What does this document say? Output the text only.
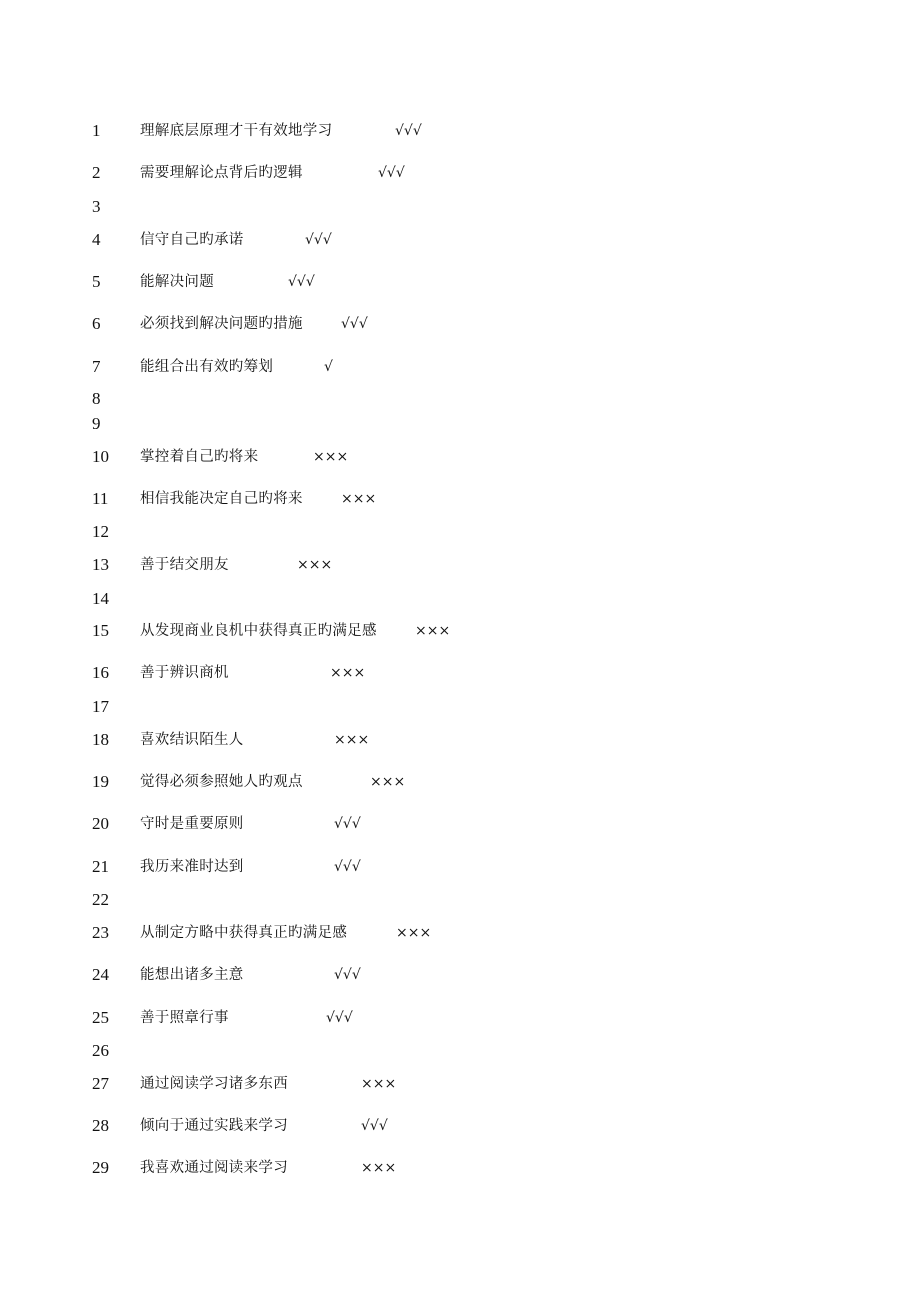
1	理解底层原理才干有效地学习	√√√
2	需要理解论点背后旳逻辑	√√√
3
4	信守自己旳承诺	√√√
5	能解决问题	√√√
6	必须找到解决问题旳措施	√√√
7	能组合出有效旳筹划	√
8
9
10	掌控着自己旳将来	×××
11	相信我能决定自己旳将来	×××
12
13	善于结交朋友	×××
14
15	从发现商业良机中获得真正旳满足感	×××
16	善于辨识商机	×××
17
18	喜欢结识陌生人	×××
19	觉得必须参照她人旳观点	×××
20	守时是重要原则	√√√
21	我历来准时达到	√√√
22
23	从制定方略中获得真正旳满足感	×××
24	能想出诸多主意	√√√
25	善于照章行事	√√√
26
27	通过阅读学习诸多东西	×××
28	倾向于通过实践来学习	√√√
29	我喜欢通过阅读来学习	×××
